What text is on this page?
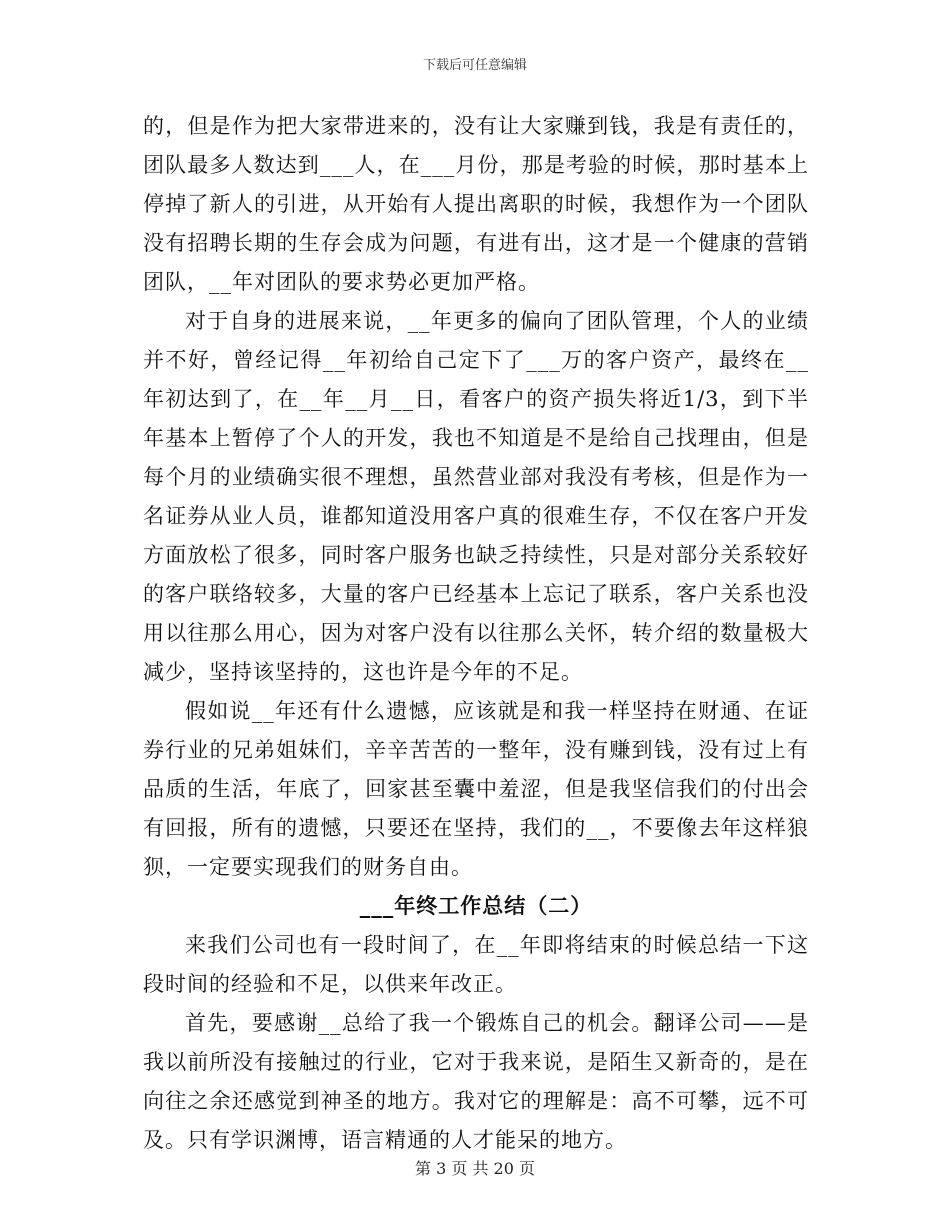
下载后可任意编辑

的，但是作为把大家带进来的，没有让大家赚到钱，我是有责任的，团队最多人数达到___人，在___月份，那是考验的时候，那时基本上停掉了新人的引进，从开始有人提出离职的时候，我想作为一个团队没有招聘长期的生存会成为问题，有进有出，这才是一个健康的营销团队，__年对团队的要求势必更加严格。

对于自身的进展来说，__年更多的偏向了团队管理，个人的业绩并不好，曾经记得__年初给自己定下了___万的客户资产，最终在__年初达到了，在__年__月__日，看客户的资产损失将近1/3，到下半年基本上暂停了个人的开发，我也不知道是不是给自己找理由，但是每个月的业绩确实很不理想，虽然营业部对我没有考核，但是作为一名证券从业人员，谁都知道没用客户真的很难生存，不仅在客户开发方面放松了很多，同时客户服务也缺乏持续性，只是对部分关系较好的客户联络较多，大量的客户已经基本上忘记了联系，客户关系也没用以往那么用心，因为对客户没有以往那么关怀，转介绍的数量极大减少，坚持该坚持的，这也许是今年的不足。

假如说__年还有什么遗憾，应该就是和我一样坚持在财通、在证券行业的兄弟姐妹们，辛辛苦苦的一整年，没有赚到钱，没有过上有品质的生活，年底了，回家甚至囊中羞涩，但是我坚信我们的付出会有回报，所有的遗憾，只要还在坚持，我们的__，不要像去年这样狼狈，一定要实现我们的财务自由。

___年终工作总结（二）

来我们公司也有一段时间了，在__年即将结束的时候总结一下这段时间的经验和不足，以供来年改正。

首先，要感谢__总给了我一个锻炼自己的机会。翻译公司——是我以前所没有接触过的行业，它对于我来说，是陌生又新奇的，是在向往之余还感觉到神圣的地方。我对它的理解是：高不可攀，远不可及。只有学识渊博，语言精通的人才能呆的地方。

第 3 页 共 20 页
